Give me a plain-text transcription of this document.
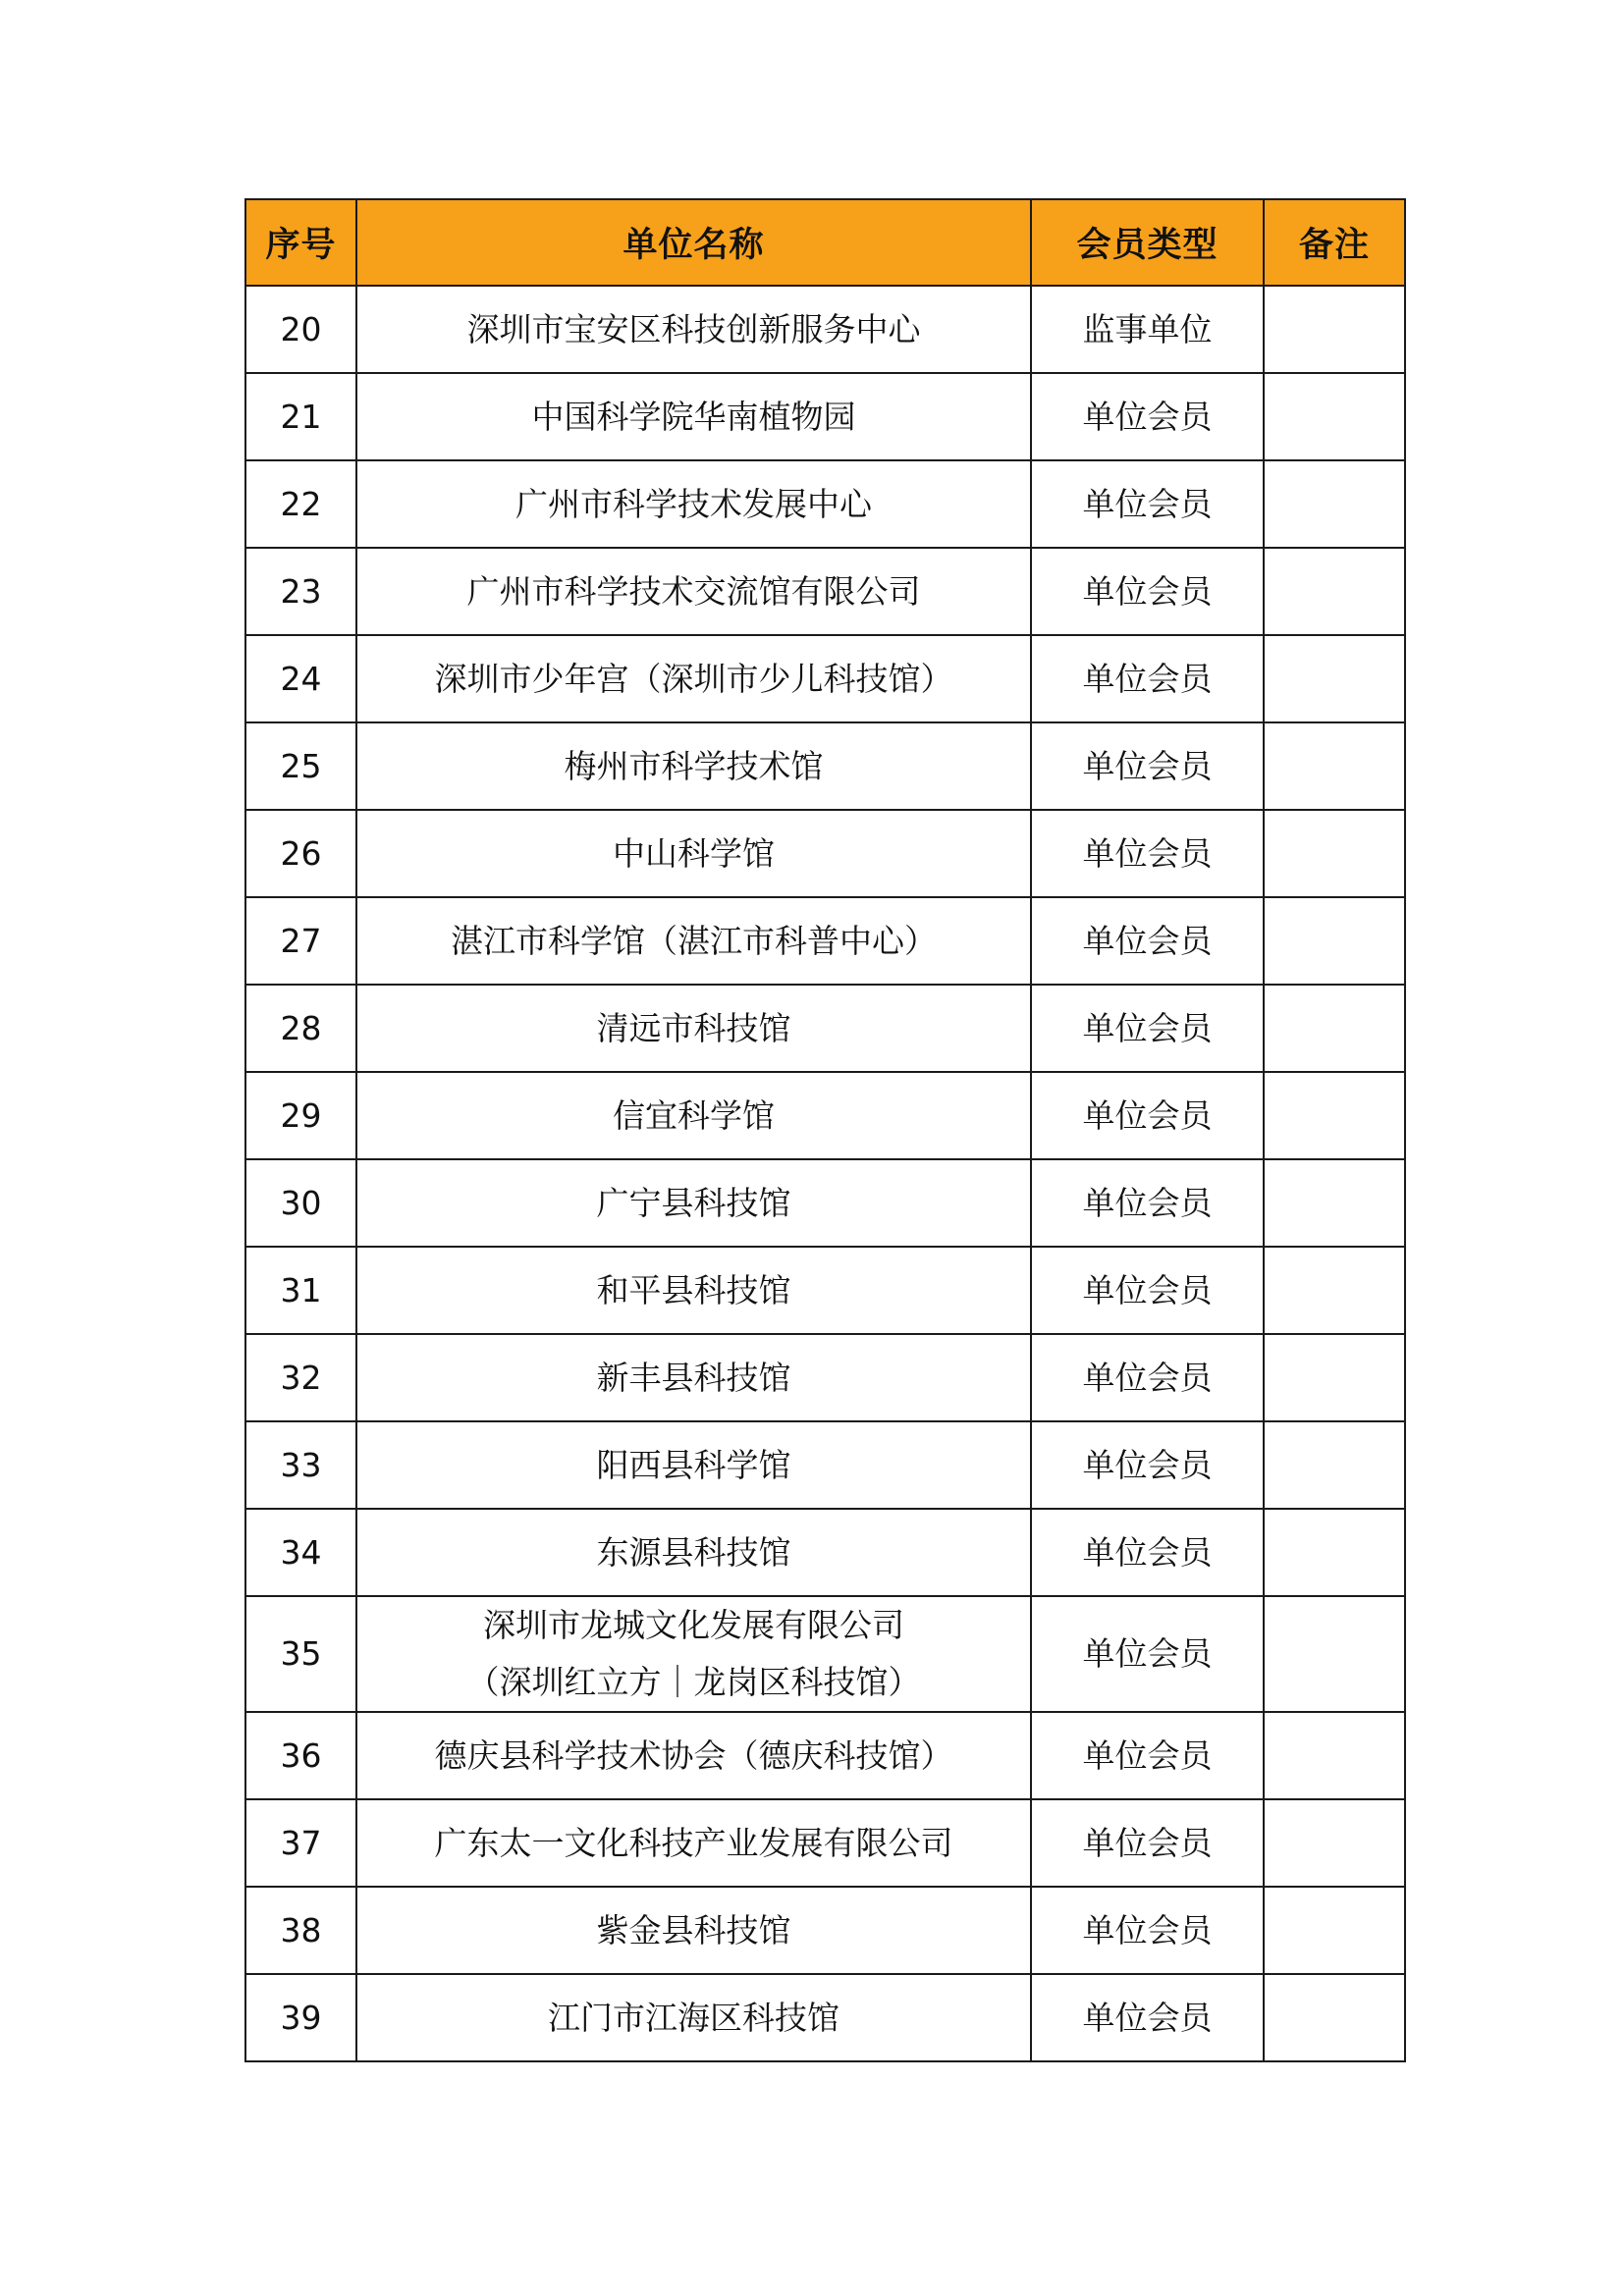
序号	单位名称	会员类型	备注
20	深圳市宝安区科技创新服务中心	监事单位	
21	中国科学院华南植物园	单位会员	
22	广州市科学技术发展中心	单位会员	
23	广州市科学技术交流馆有限公司	单位会员	
24	深圳市少年宫（深圳市少儿科技馆）	单位会员	
25	梅州市科学技术馆	单位会员	
26	中山科学馆	单位会员	
27	湛江市科学馆（湛江市科普中心）	单位会员	
28	清远市科技馆	单位会员	
29	信宜科学馆	单位会员	
30	广宁县科技馆	单位会员	
31	和平县科技馆	单位会员	
32	新丰县科技馆	单位会员	
33	阳西县科学馆	单位会员	
34	东源县科技馆	单位会员	
35	深圳市龙城文化发展有限公司
（深圳红立方｜龙岗区科技馆）	单位会员	
36	德庆县科学技术协会（德庆科技馆）	单位会员	
37	广东太一文化科技产业发展有限公司	单位会员	
38	紫金县科技馆	单位会员	
39	江门市江海区科技馆	单位会员	
